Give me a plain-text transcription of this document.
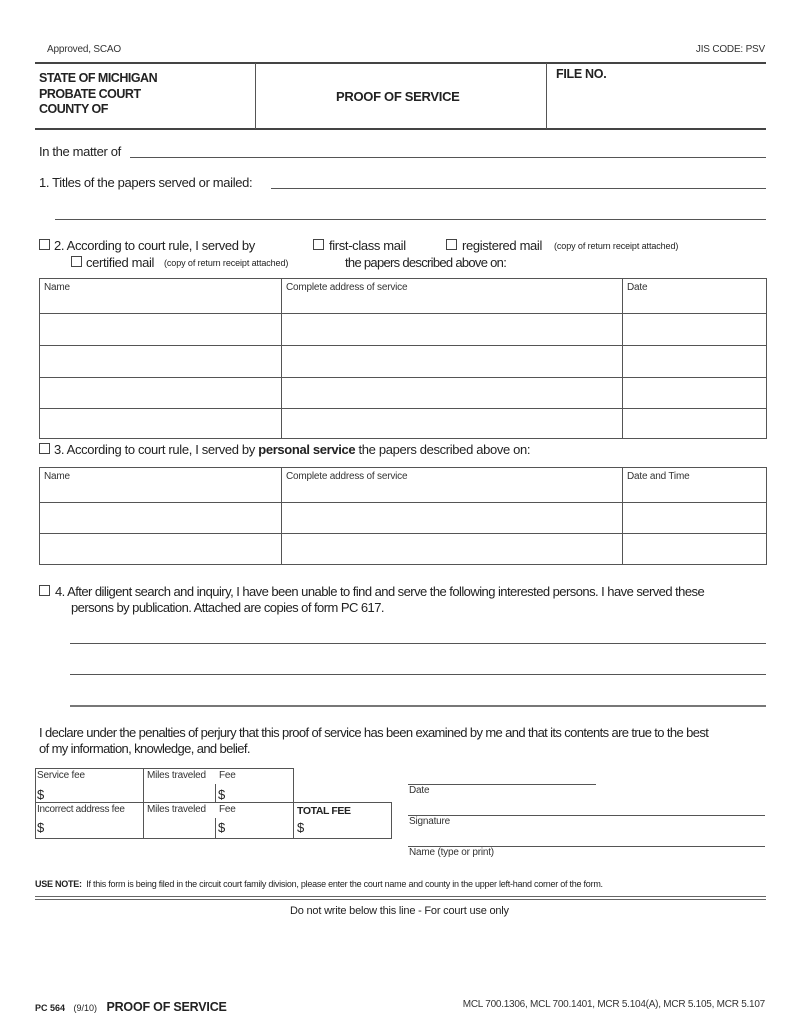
Approved, SCAO	JIS CODE: PSV
STATE OF MICHIGAN
PROBATE COURT
COUNTY OF
PROOF OF SERVICE
FILE NO.
In the matter of
1. Titles of the papers served or mailed:
2. According to court rule, I served by	first-class mail	registered mail (copy of return receipt attached)
certified mail (copy of return receipt attached)	the papers described above on:
Name	Complete address of service	Date

3. According to court rule, I served by personal service the papers described above on:
Name	Complete address of service	Date and Time

4. After diligent search and inquiry, I have been unable to find and serve the following interested persons. I have served these
persons by publication. Attached are copies of form PC 617.
I declare under the penalties of perjury that this proof of service has been examined by me and that its contents are true to the best
of my information, knowledge, and belief.
Service fee
$
Miles traveled Fee
$
Incorrect address fee
$
Miles traveled Fee
$
TOTAL FEE
$
Date
Signature
Name (type or print)
USE NOTE: If this form is being filed in the circuit court family division, please enter the court name and county in the upper left-hand corner of the form.
Do not write below this line - For court use only
PC 564 (9/10) PROOF OF SERVICE	MCL 700.1306, MCL 700.1401, MCR 5.104(A), MCR 5.105, MCR 5.107
